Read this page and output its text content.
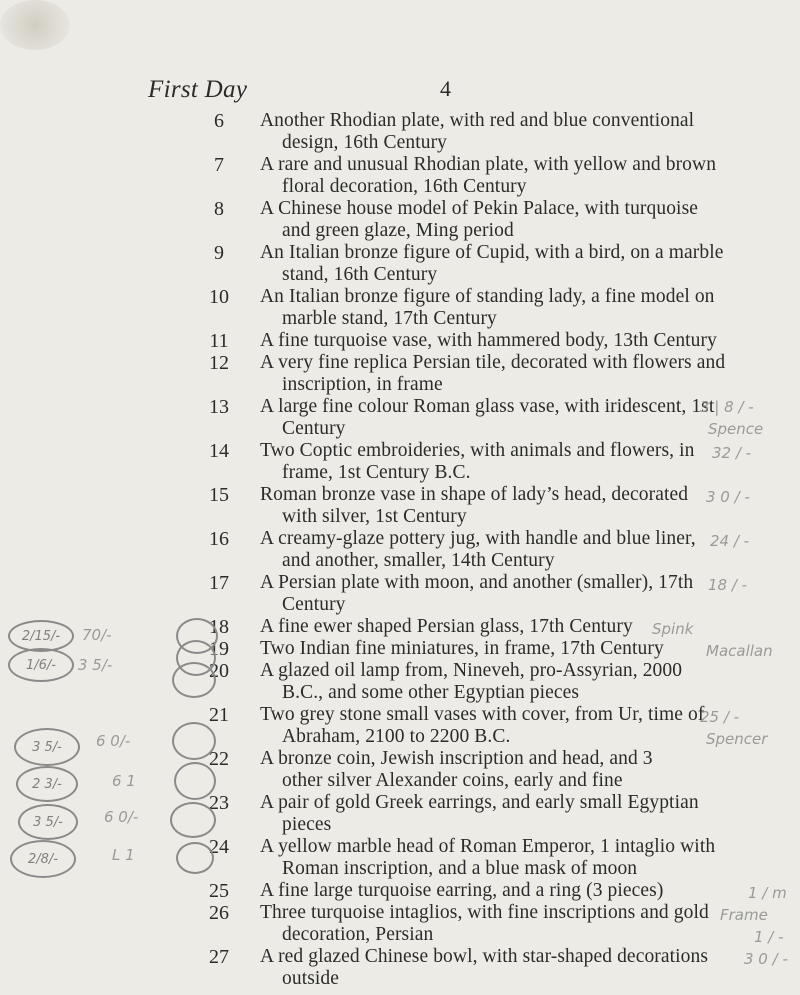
First Day	4
6	Another Rhodian plate, with red and blue conventional
design, 16th Century
7	A rare and unusual Rhodian plate, with yellow and brown
floral decoration, 16th Century
8	A Chinese house model of Pekin Palace, with turquoise
and green glaze, Ming period
9	An Italian bronze figure of Cupid, with a bird, on a marble
stand, 16th Century
10	An Italian bronze figure of standing lady, a fine model on
marble stand, 17th Century
11	A fine turquoise vase, with hammered body, 13th Century
12	A very fine replica Persian tile, decorated with flowers and
inscription, in frame
13	A large fine colour Roman glass vase, with iridescent, 1st
Century
14	Two Coptic embroideries, with animals and flowers, in
frame, 1st Century B.C.
15	Roman bronze vase in shape of lady’s head, decorated
with silver, 1st Century
16	A creamy-glaze pottery jug, with handle and blue liner,
and another, smaller, 14th Century
17	A Persian plate with moon, and another (smaller), 17th
Century
18	A fine ewer shaped Persian glass, 17th Century
19	Two Indian fine miniatures, in frame, 17th Century
20	A glazed oil lamp from, Nineveh, pro-Assyrian, 2000
B.C., and some other Egyptian pieces
21	Two grey stone small vases with cover, from Ur, time of
Abraham, 2100 to 2200 B.C.
22	A bronze coin, Jewish inscription and head, and 3
other silver Alexander coins, early and fine
23	A pair of gold Greek earrings, and early small Egyptian
pieces
24	A yellow marble head of Roman Emperor, 1 intaglio with
Roman inscription, and a blue mask of moon
25	A fine large turquoise earring, and a ring (3 pieces)
26	Three turquoise intaglios, with fine inscriptions and gold
decoration, Persian
27	A red glazed Chinese bowl, with star-shaped decorations
outside
3 | 8 / -
Spence
32 / -
3 0 / -
24 / -
18 / -
Spink
Macallan
25 / -
Spencer
1 / m
Frame
1 / -
3 0 / -
2/15/-	70/-
1/6/-	3 5/-
3 5/-	6 0/-
2 3/-	6 1
3 5/-	6 0/-
2/8/-	L 1
